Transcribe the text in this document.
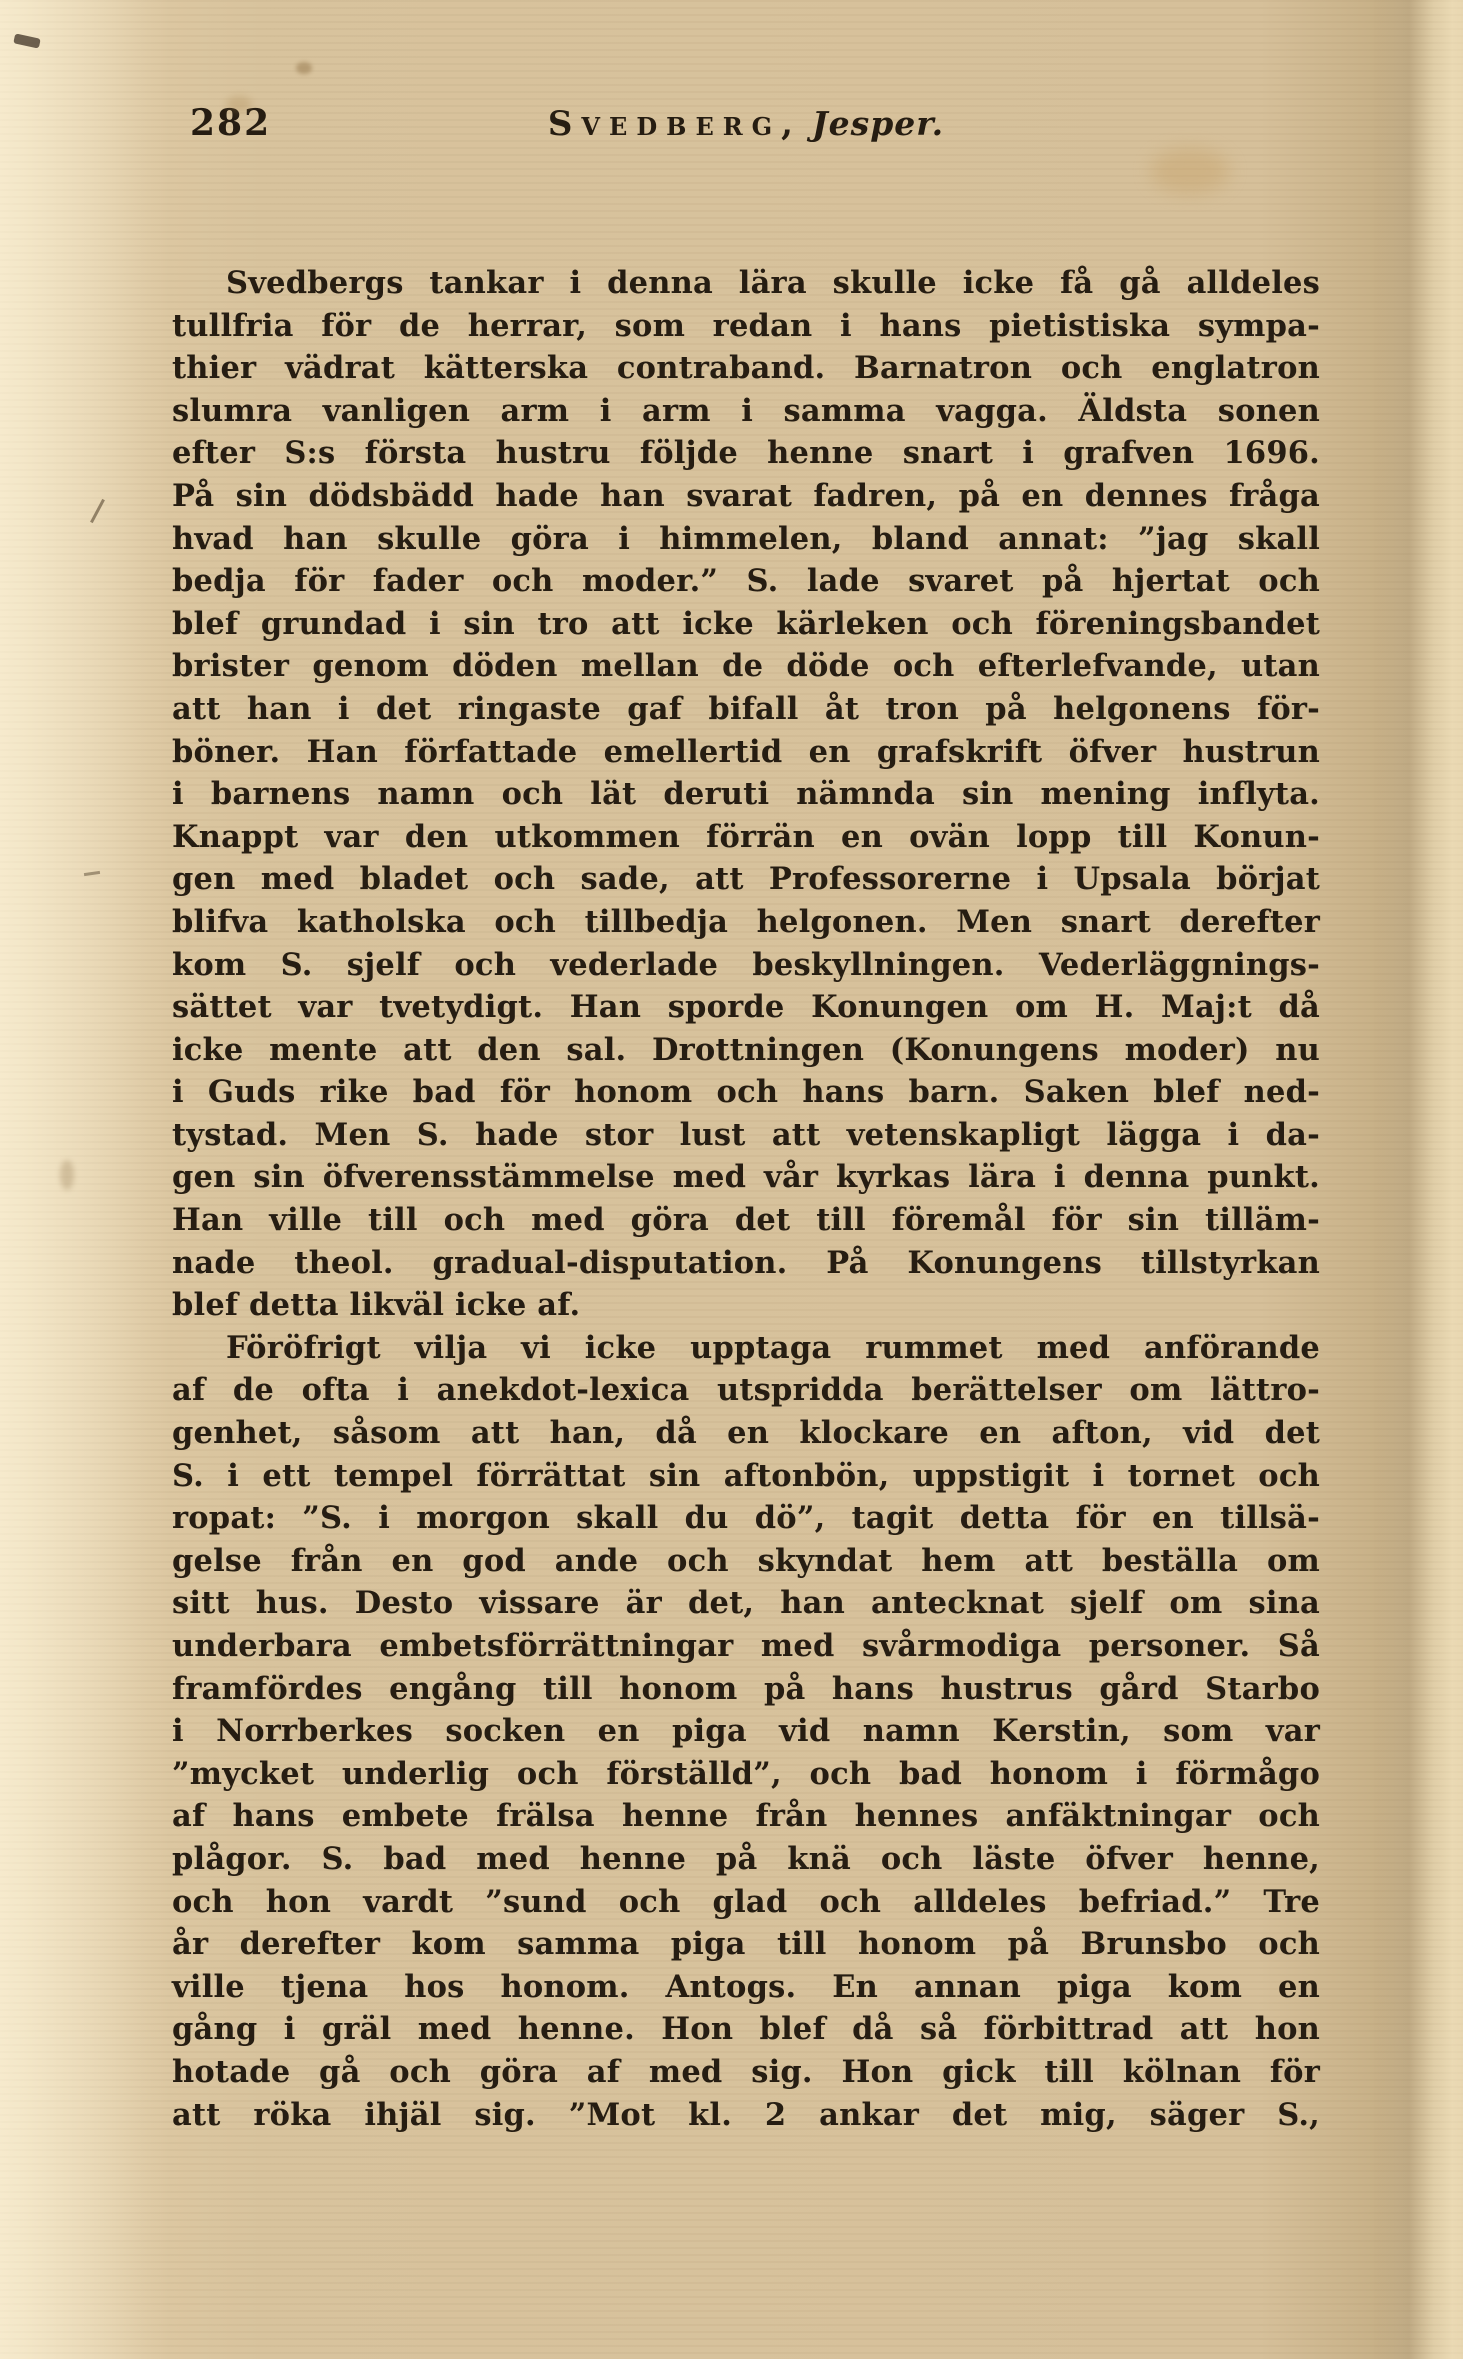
282	Svedberg, Jesper.
Svedbergs tankar i denna lära skulle icke få gå alldeles
tullfria för de herrar, som redan i hans pietistiska sympa-
thier vädrat kätterska contraband. Barnatron och englatron
slumra vanligen arm i arm i samma vagga. Äldsta sonen
efter S:s första hustru följde henne snart i grafven 1696.
På sin dödsbädd hade han svarat fadren, på en dennes fråga
hvad han skulle göra i himmelen, bland annat: ”jag skall
bedja för fader och moder.” S. lade svaret på hjertat och
blef grundad i sin tro att icke kärleken och föreningsbandet
brister genom döden mellan de döde och efterlefvande, utan
att han i det ringaste gaf bifall åt tron på helgonens för-
böner. Han författade emellertid en grafskrift öfver hustrun
i barnens namn och lät deruti nämnda sin mening inflyta.
Knappt var den utkommen förrän en ovän lopp till Konun-
gen med bladet och sade, att Professorerne i Upsala börjat
blifva katholska och tillbedja helgonen. Men snart derefter
kom S. sjelf och vederlade beskyllningen. Vederläggnings-
sättet var tvetydigt. Han sporde Konungen om H. Maj:t då
icke mente att den sal. Drottningen (Konungens moder) nu
i Guds rike bad för honom och hans barn. Saken blef ned-
tystad. Men S. hade stor lust att vetenskapligt lägga i da-
gen sin öfverensstämmelse med vår kyrkas lära i denna punkt.
Han ville till och med göra det till föremål för sin tilläm-
nade theol. gradual-disputation. På Konungens tillstyrkan
blef detta likväl icke af.
Föröfrigt vilja vi icke upptaga rummet med anförande
af de ofta i anekdot-lexica utspridda berättelser om lättro-
genhet, såsom att han, då en klockare en afton, vid det
S. i ett tempel förrättat sin aftonbön, uppstigit i tornet och
ropat: ”S. i morgon skall du dö”, tagit detta för en tillsä-
gelse från en god ande och skyndat hem att beställa om
sitt hus. Desto vissare är det, han antecknat sjelf om sina
underbara embetsförrättningar med svårmodiga personer. Så
framfördes engång till honom på hans hustrus gård Starbo
i Norrberkes socken en piga vid namn Kerstin, som var
”mycket underlig och förställd”, och bad honom i förmågo
af hans embete frälsa henne från hennes anfäktningar och
plågor. S. bad med henne på knä och läste öfver henne,
och hon vardt ”sund och glad och alldeles befriad.” Tre
år derefter kom samma piga till honom på Brunsbo och
ville tjena hos honom. Antogs. En annan piga kom en
gång i gräl med henne. Hon blef då så förbittrad att hon
hotade gå och göra af med sig. Hon gick till kölnan för
att röka ihjäl sig. ”Mot kl. 2 ankar det mig, säger S.,
